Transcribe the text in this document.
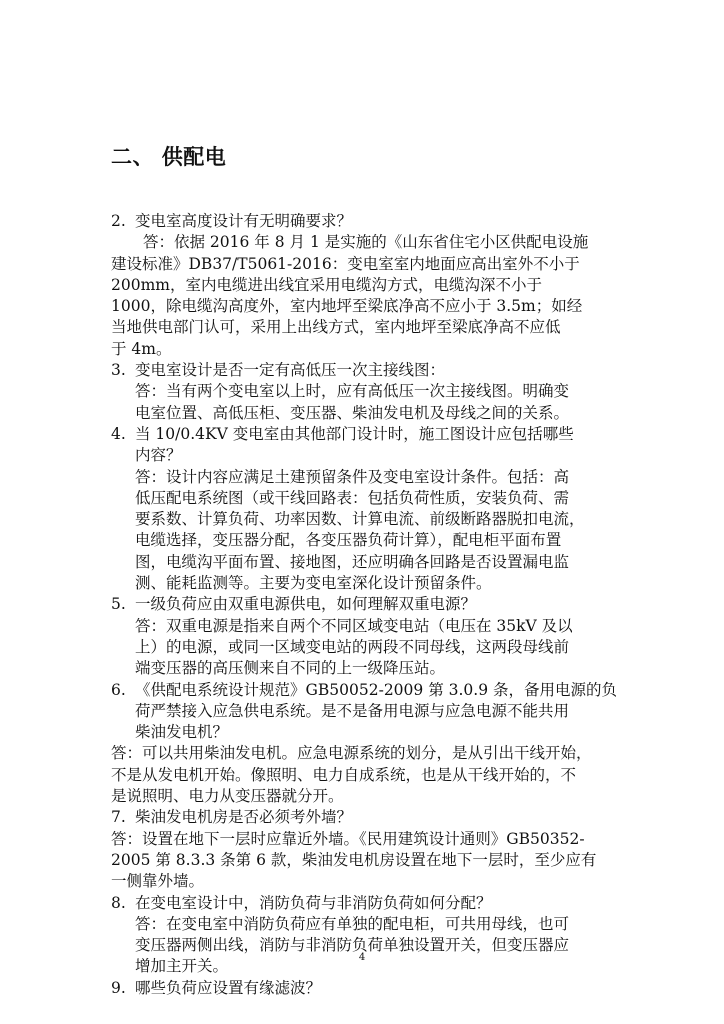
二、 供配电
2. 变电室高度设计有无明确要求？
答：依据 2016 年 8 月 1 是实施的《山东省住宅小区供配电设施
建设标准》DB37/T5061-2016：变电室室内地面应高出室外不小于
200mm，室内电缆进出线宜采用电缆沟方式，电缆沟深不小于
1000，除电缆沟高度外，室内地坪至梁底净高不应小于 3.5m；如经
当地供电部门认可，采用上出线方式，室内地坪至梁底净高不应低
于 4m。
3. 变电室设计是否一定有高低压一次主接线图：
答：当有两个变电室以上时，应有高低压一次主接线图。明确变
电室位置、高低压柜、变压器、柴油发电机及母线之间的关系。
4. 当 10/0.4KV 变电室由其他部门设计时，施工图设计应包括哪些
内容？
答：设计内容应满足土建预留条件及变电室设计条件。包括：高
低压配电系统图（或干线回路表：包括负荷性质，安装负荷、需
要系数、计算负荷、功率因数、计算电流、前级断路器脱扣电流，
电缆选择，变压器分配，各变压器负荷计算），配电柜平面布置
图，电缆沟平面布置、接地图，还应明确各回路是否设置漏电监
测、能耗监测等。主要为变电室深化设计预留条件。
5. 一级负荷应由双重电源供电，如何理解双重电源？
答：双重电源是指来自两个不同区域变电站（电压在 35kV 及以
上）的电源，或同一区域变电站的两段不同母线，这两段母线前
端变压器的高压侧来自不同的上一级降压站。
6. 《供配电系统设计规范》GB50052-2009 第 3.0.9 条，备用电源的负
荷严禁接入应急供电系统。是不是备用电源与应急电源不能共用
柴油发电机？
答：可以共用柴油发电机。应急电源系统的划分，是从引出干线开始，
不是从发电机开始。像照明、电力自成系统，也是从干线开始的，不
是说照明、电力从变压器就分开。
7. 柴油发电机房是否必须考外墙？
答：设置在地下一层时应靠近外墙。《民用建筑设计通则》GB50352-
2005 第 8.3.3 条第 6 款，柴油发电机房设置在地下一层时，至少应有
一侧靠外墙。
8. 在变电室设计中，消防负荷与非消防负荷如何分配？
答：在变电室中消防负荷应有单独的配电柜，可共用母线，也可
变压器两侧出线，消防与非消防负荷单独设置开关，但变压器应
增加主开关。
9. 哪些负荷应设置有缘滤波？
4
